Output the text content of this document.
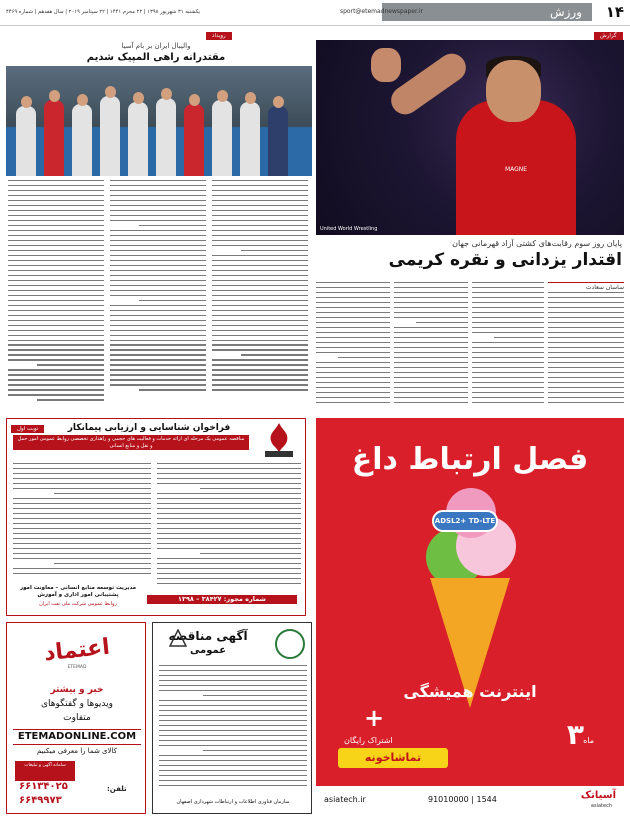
۱۴
ورزش
sport@etemadnewspaper.ir
یکشنبه ۳۱ شهریور ۱۳۹۸ | ۲۲ محرم ۱۴۴۱ | ۲۲ سپتامبر ۲۰۱۹ | سال هفدهم | شماره ۴۴۶۹
رویداد	گزارش
والیبال ایران بر بام آسیا
مقتدرانه راهی المپیک شدیم
MAGNE
United World Wrestling
پایان روز سوم رقابت‌های کشتی آزاد قهرمانی جهان
اقتدار یزدانی و نقره کریمی
ساسان سعادت
فراخوان شناسایی و ارزیابی پیمانکار
نوبت اول
مناقصه عمومی یک مرحله ای ارائه خدمات و فعالیت های حجمی و راهداری تخصصی روابط عمومی امور حمل و نقل و منابع انسانی
مدیریت توسعه منابع انسانی – معاونت امور پشتیبانی امور اداری و آموزش	شماره مجوز: ۳۸۴۲۷ – ۱۳۹۸
روابط عمومی شرکت ملی نفت ایران
اعتماد
ETEMAD
خبر و بیشتر
ویدیوها و گفتگوهای
متفاوت
ETEMADONLINE.COM
کالای شما را معرفی میکنیم
سامانه آگهی و تبلیغات
تلفن:
۶۶۱۳۴۰۲۵
۶۶۴۹۹۷۳
آگهی مناقصه
عمومی
سازمان فناوری اطلاعات و ارتباطات شهرداری اصفهان
فصل ارتباط داغ
ADSL2+ TD-LTE
اینترنت همیشگی
+	۳ ماه
اشتراک رایگان
تماشاخونه
asiatech.ir	91010000 | 1544	آسیاتک
asiatech
